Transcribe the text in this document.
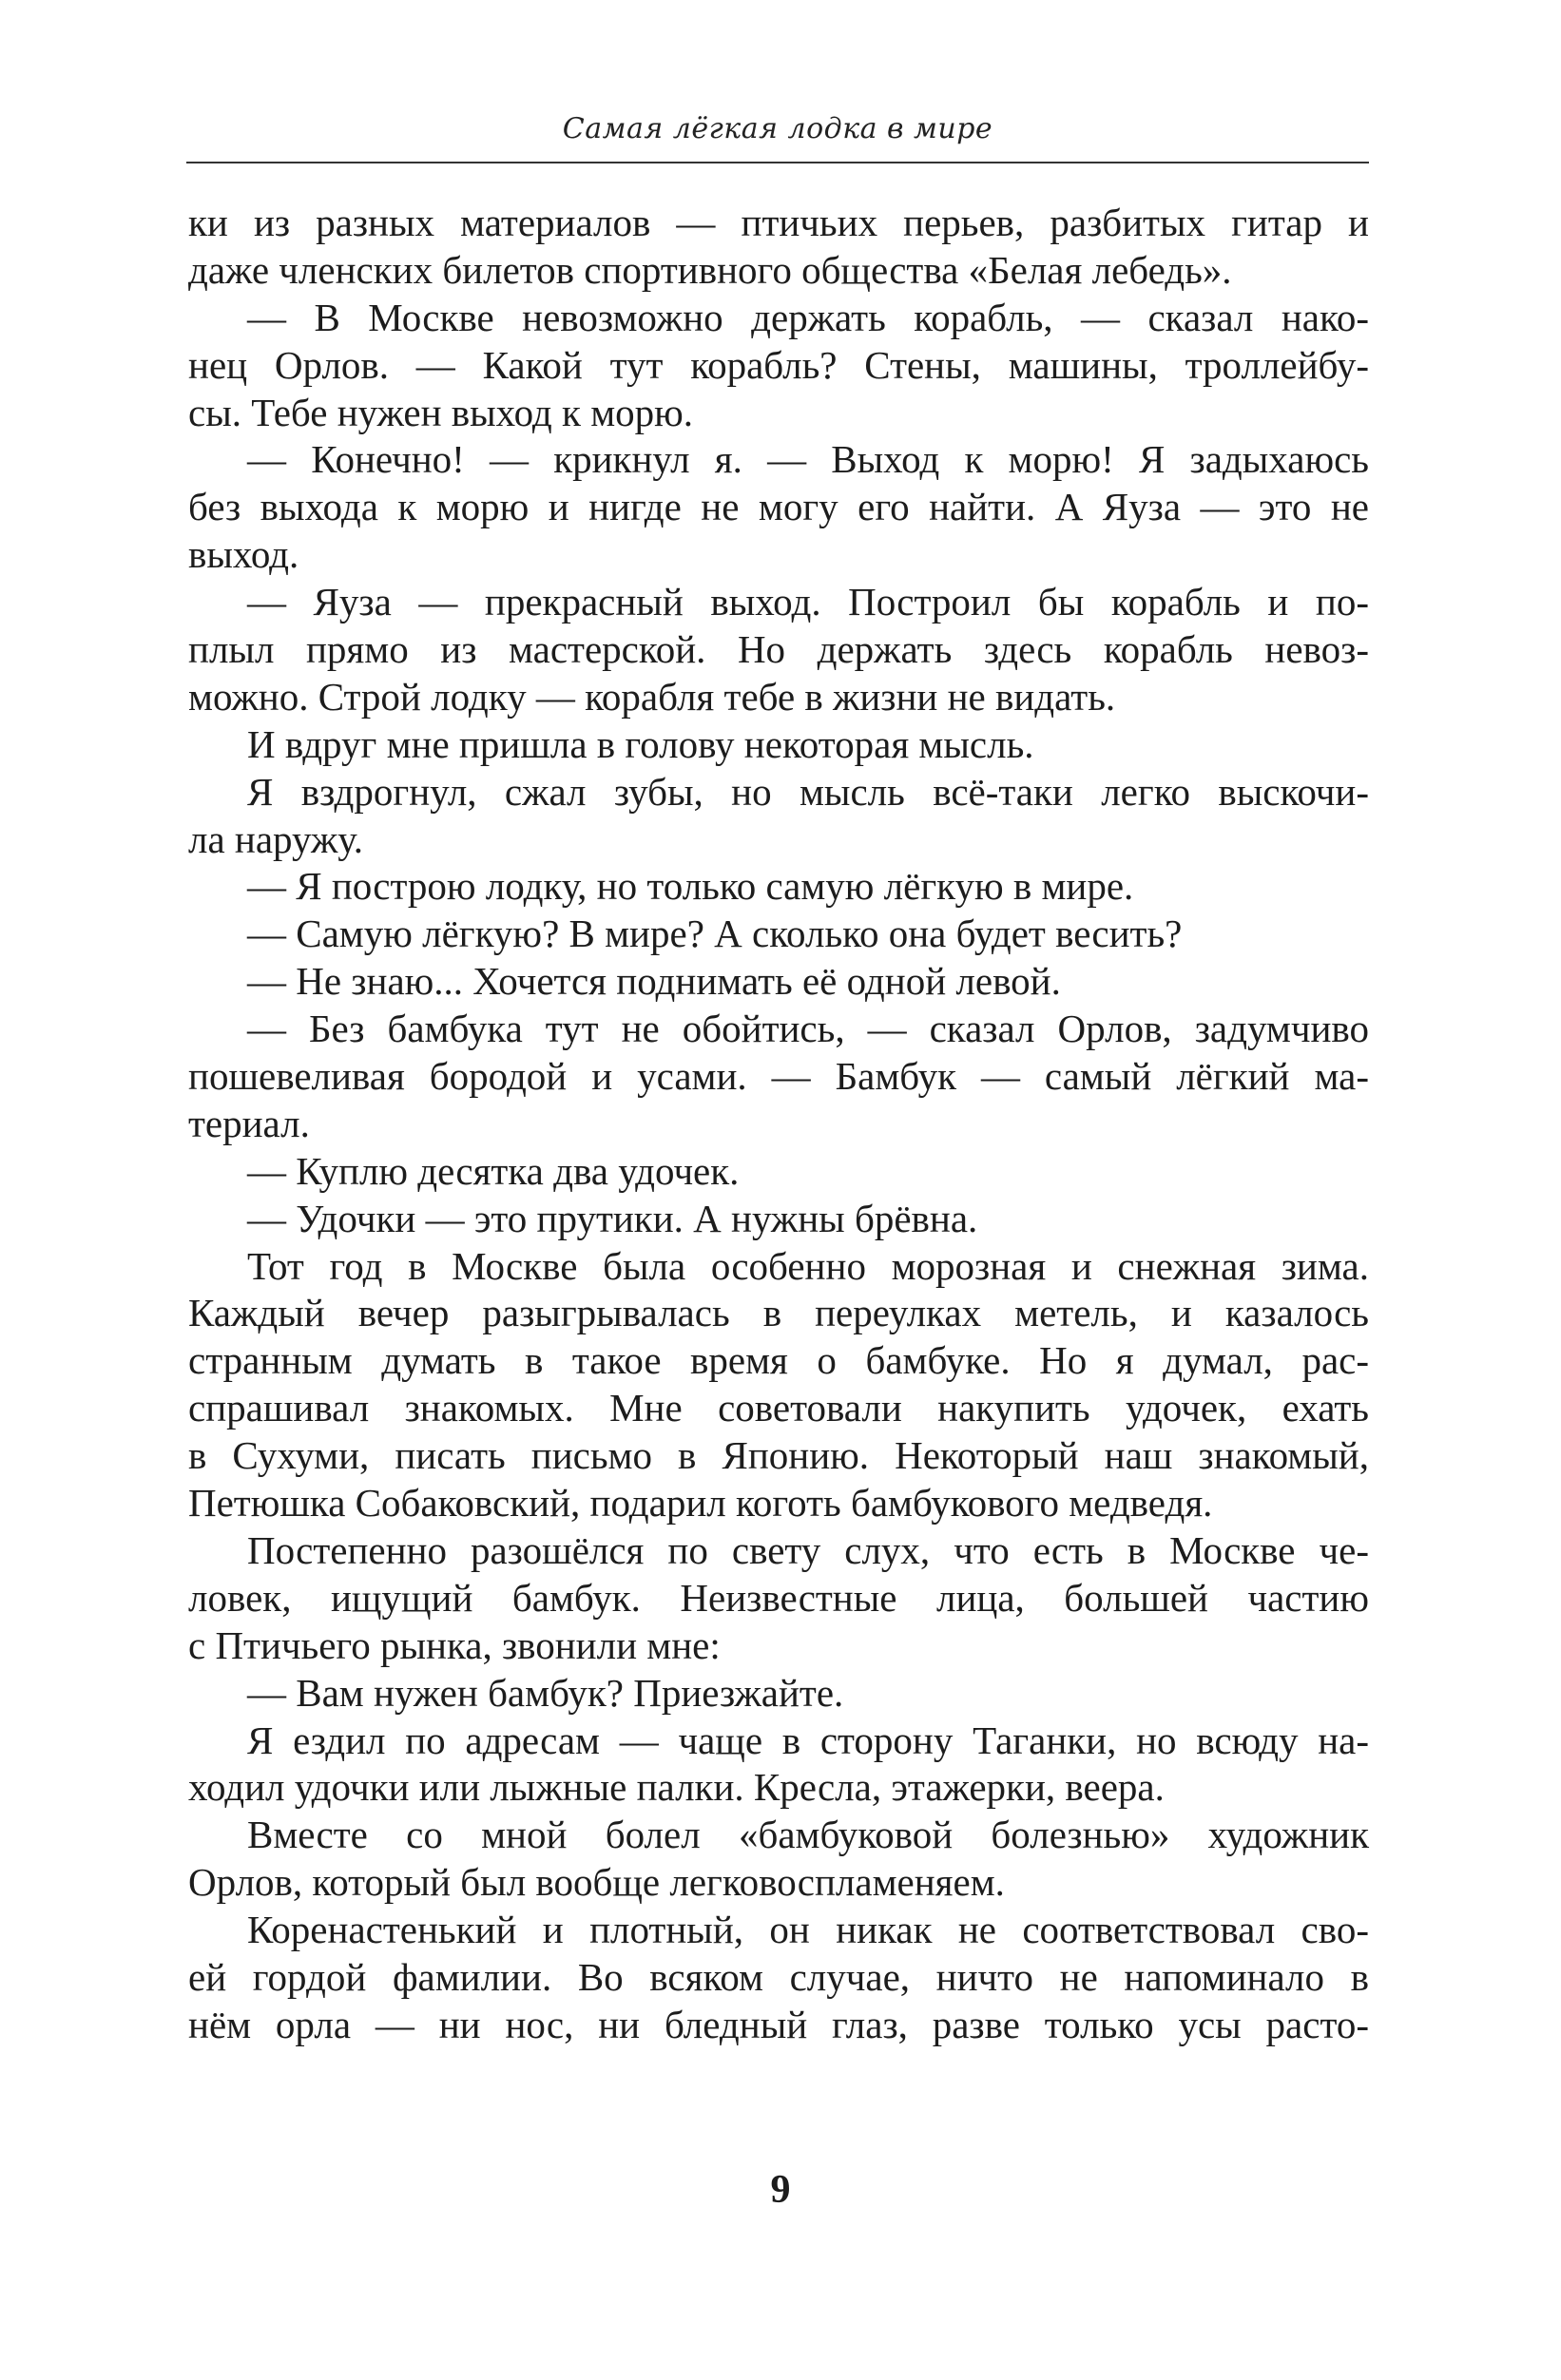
Самая лёгкая лодка в мире
ки из разных материалов — птичьих перьев, разбитых гитар и
даже членских билетов спортивного общества «Белая лебедь».
— В Москве невозможно держать корабль, — сказал нако-
нец Орлов. — Какой тут корабль? Стены, машины, троллейбу-
сы. Тебе нужен выход к морю.
— Конечно! — крикнул я. — Выход к морю! Я задыхаюсь
без выхода к морю и нигде не могу его найти. А Яуза — это не
выход.
— Яуза — прекрасный выход. Построил бы корабль и по-
плыл прямо из мастерской. Но держать здесь корабль невоз-
можно. Строй лодку — корабля тебе в жизни не видать.
И вдруг мне пришла в голову некоторая мысль.
Я вздрогнул, сжал зубы, но мысль всё-таки легко выскочи-
ла наружу.
— Я построю лодку, но только самую лёгкую в мире.
— Самую лёгкую? В мире? А сколько она будет весить?
— Не знаю... Хочется поднимать её одной левой.
— Без бамбука тут не обойтись, — сказал Орлов, задумчиво
пошевеливая бородой и усами. — Бамбук — самый лёгкий ма-
териал.
— Куплю десятка два удочек.
— Удочки — это прутики. А нужны брёвна.
Тот год в Москве была особенно морозная и снежная зима.
Каждый вечер разыгрывалась в переулках метель, и казалось
странным думать в такое время о бамбуке. Но я думал, рас-
спрашивал знакомых. Мне советовали накупить удочек, ехать
в Сухуми, писать письмо в Японию. Некоторый наш знакомый,
Петюшка Собаковский, подарил коготь бамбукового медведя.
Постепенно разошёлся по свету слух, что есть в Москве че-
ловек, ищущий бамбук. Неизвестные лица, большей частию
с Птичьего рынка, звонили мне:
— Вам нужен бамбук? Приезжайте.
Я ездил по адресам — чаще в сторону Таганки, но всюду на-
ходил удочки или лыжные палки. Кресла, этажерки, веера.
Вместе со мной болел «бамбуковой болезнью» художник
Орлов, который был вообще легковоспламеняем.
Коренастенький и плотный, он никак не соответствовал сво-
ей гордой фамилии. Во всяком случае, ничто не напоминало в
нём орла — ни нос, ни бледный глаз, разве только усы расто-
9
